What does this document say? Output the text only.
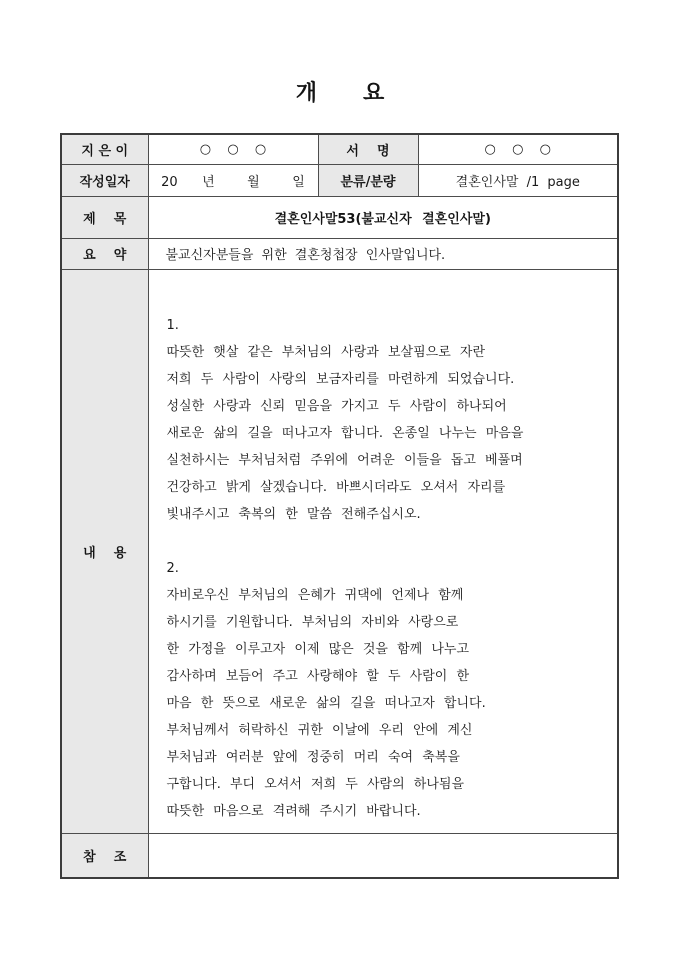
개      요
지 은 이	○  ○  ○	서    명	○  ○  ○
작성일자	20   년    월    일	분류/분량	결혼인사말 /1 page
제    목	결혼인사말53(불교신자 결혼인사말)		
요    약	불교신자분들을 위한 결혼청첩장 인사말입니다.		
내    용	
1.
따뜻한 햇살 같은 부처님의 사랑과 보살핌으로 자란
저희 두 사람이 사랑의 보금자리를 마련하게 되었습니다.
성실한 사랑과 신뢰 믿음을 가지고 두 사람이 하나되어
새로운 삶의 길을 떠나고자 합니다. 온종일 나누는 마음을
실천하시는 부처님처럼 주위에 어려운 이들을 돕고 베풀며
건강하고 밝게 살겠습니다. 바쁘시더라도 오셔서 자리를
빛내주시고 축복의 한 말씀 전해주십시오.
2.
자비로우신 부처님의 은혜가 귀댁에 언제나 함께
하시기를 기원합니다. 부처님의 자비와 사랑으로
한 가정을 이루고자 이제 많은 것을 함께 나누고
감사하며 보듬어 주고 사랑해야 할 두 사람이 한
마음 한 뜻으로 새로운 삶의 길을 떠나고자 합니다.
부처님께서 허락하신 귀한 이날에 우리 안에 계신
부처님과 여러분 앞에 정중히 머리 숙여 축복을
구합니다. 부디 오셔서 저희 두 사람의 하나됨을
따뜻한 마음으로 격려해 주시기 바랍니다.

참    조			
